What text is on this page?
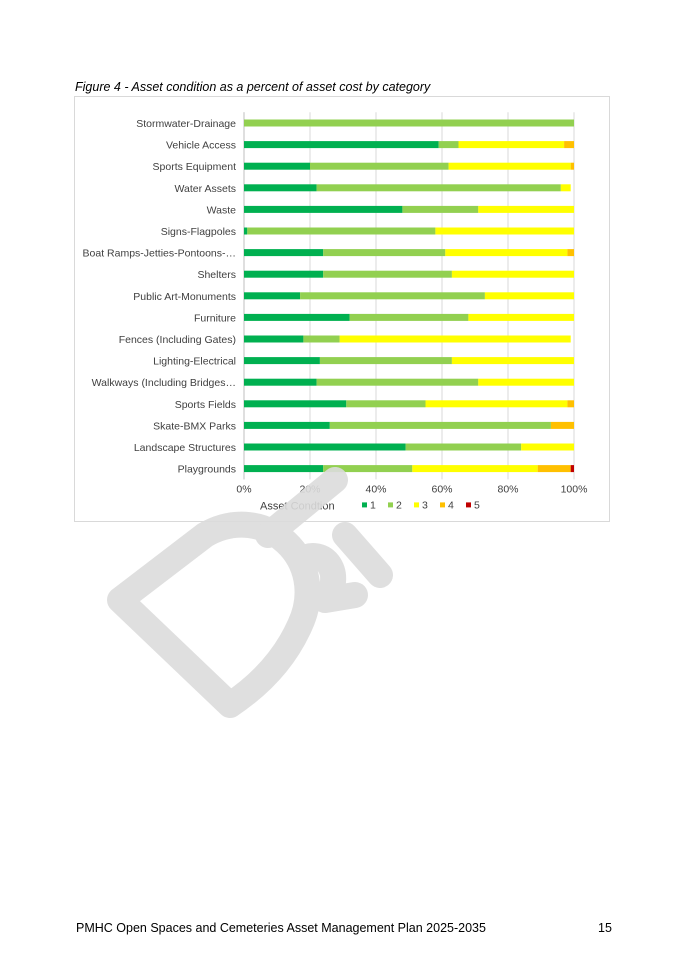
Figure 4 - Asset condition as a percent of asset cost by category
Stormwater-Drainage
Vehicle Access
Sports Equipment
Water Assets
Waste
Signs-Flagpoles
Boat Ramps-Jetties-Pontoons-…
Shelters
Public Art-Monuments
Furniture
Fences (Including Gates)
Lighting-Electrical
Walkways (Including Bridges…
Sports Fields
Skate-BMX Parks
Landscape Structures
Playgrounds
0%	20%	40%	60%	80%	100%
Asset Condtion	1 2 3 4 5
PMHC Open Spaces and Cemeteries Asset Management Plan 2025-2035	15
